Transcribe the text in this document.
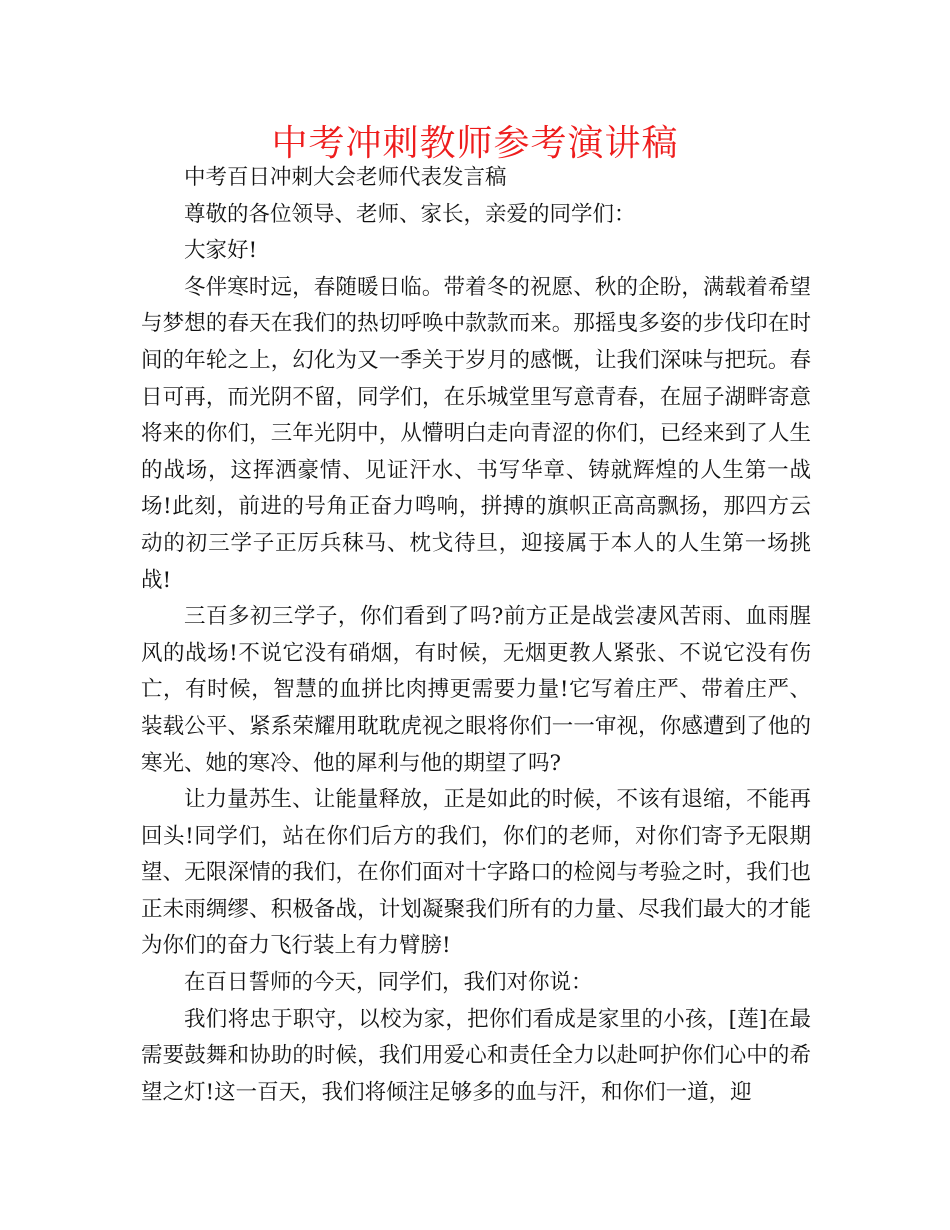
中考冲刺教师参考演讲稿

中考百日冲刺大会老师代表发言稿

尊敬的各位领导、老师、家长，亲爱的同学们：

大家好!

冬伴寒时远，春随暖日临。带着冬的祝愿、秋的企盼，满载着希望与梦想的春天在我们的热切呼唤中款款而来。那摇曳多姿的步伐印在时间的年轮之上，幻化为又一季关于岁月的感慨，让我们深味与把玩。春日可再，而光阴不留，同学们，在乐城堂里写意青春，在屈子湖畔寄意将来的你们，三年光阴中，从懵明白走向青涩的你们，已经来到了人生的战场，这挥洒豪情、见证汗水、书写华章、铸就辉煌的人生第一战场!此刻，前进的号角正奋力鸣响，拼搏的旗帜正高高飘扬，那四方云动的初三学子正厉兵秣马、枕戈待旦，迎接属于本人的人生第一场挑战!

三百多初三学子，你们看到了吗?前方正是战尝凄风苦雨、血雨腥风的战场!不说它没有硝烟，有时候，无烟更教人紧张、不说它没有伤亡，有时候，智慧的血拼比肉搏更需要力量!它写着庄严、带着庄严、装载公平、紧系荣耀用耽耽虎视之眼将你们一一审视，你感遭到了他的寒光、她的寒冷、他的犀利与他的期望了吗?

让力量苏生、让能量释放，正是如此的时候，不该有退缩，不能再回头!同学们，站在你们后方的我们，你们的老师，对你们寄予无限期望、无限深情的我们，在你们面对十字路口的检阅与考验之时，我们也正未雨绸缪、积极备战，计划凝聚我们所有的力量、尽我们最大的才能为你们的奋力飞行装上有力臂膀!

在百日誓师的今天，同学们，我们对你说：

我们将忠于职守，以校为家，把你们看成是家里的小孩，[莲]在最需要鼓舞和协助的时候，我们用爱心和责任全力以赴呵护你们心中的希望之灯!这一百天，我们将倾注足够多的血与汗，和你们一道，迎
